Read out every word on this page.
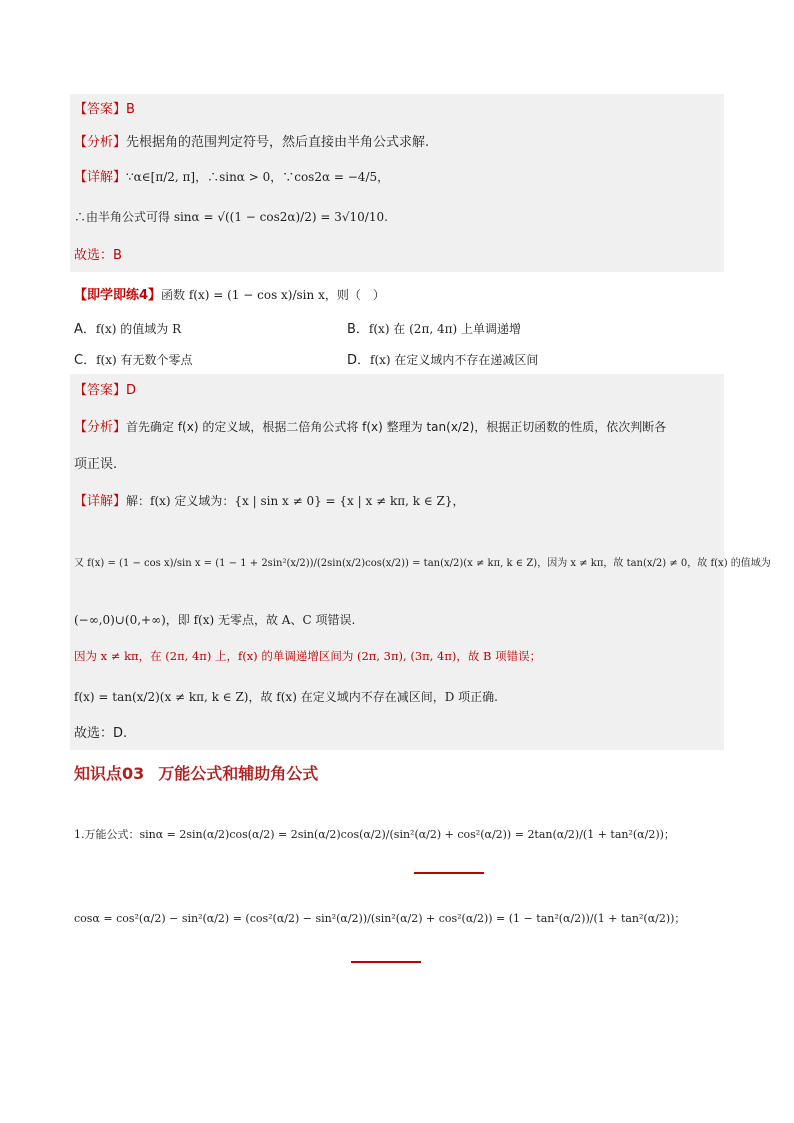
【答案】B
【分析】先根据角的范围判定符号，然后直接由半角公式求解.
【详解】∵α∈[π/2, π]，∴sinα > 0，∵cos2α = −4/5，
∴由半角公式可得 sinα = √((1 − cos2α)/2) = 3√10/10.
故选：B
【即学即练4】函数 f(x) = (1 − cos x)/sin x，则（　）
A．f(x) 的值域为 R	B．f(x) 在 (2π, 4π) 上单调递增
C．f(x) 有无数个零点	D．f(x) 在定义域内不存在递减区间
【答案】D
【分析】首先确定 f(x) 的定义域，根据二倍角公式将 f(x) 整理为 tan(x/2)，根据正切函数的性质，依次判断各
项正误.
【详解】解：f(x) 定义域为：{x | sin x ≠ 0} = {x | x ≠ kπ, k ∈ Z}，
又 f(x) = (1 − cos x)/sin x = (1 − 1 + 2sin²(x/2))/(2sin(x/2)cos(x/2)) = tan(x/2)(x ≠ kπ, k ∈ Z)，因为 x ≠ kπ，故 tan(x/2) ≠ 0，故 f(x) 的值域为
(−∞,0)∪(0,+∞)，即 f(x) 无零点，故 A、C 项错误.
因为 x ≠ kπ，在 (2π, 4π) 上，f(x) 的单调递增区间为 (2π, 3π), (3π, 4π)，故 B 项错误；
f(x) = tan(x/2)(x ≠ kπ, k ∈ Z)，故 f(x) 在定义域内不存在减区间，D 项正确.
故选：D.
知识点03 万能公式和辅助角公式
1.万能公式：sinα = 2sin(α/2)cos(α/2) = 2sin(α/2)cos(α/2)/(sin²(α/2) + cos²(α/2)) = 2tan(α/2)/(1 + tan²(α/2))；
cosα = cos²(α/2) − sin²(α/2) = (cos²(α/2) − sin²(α/2))/(sin²(α/2) + cos²(α/2)) = (1 − tan²(α/2))/(1 + tan²(α/2))；
